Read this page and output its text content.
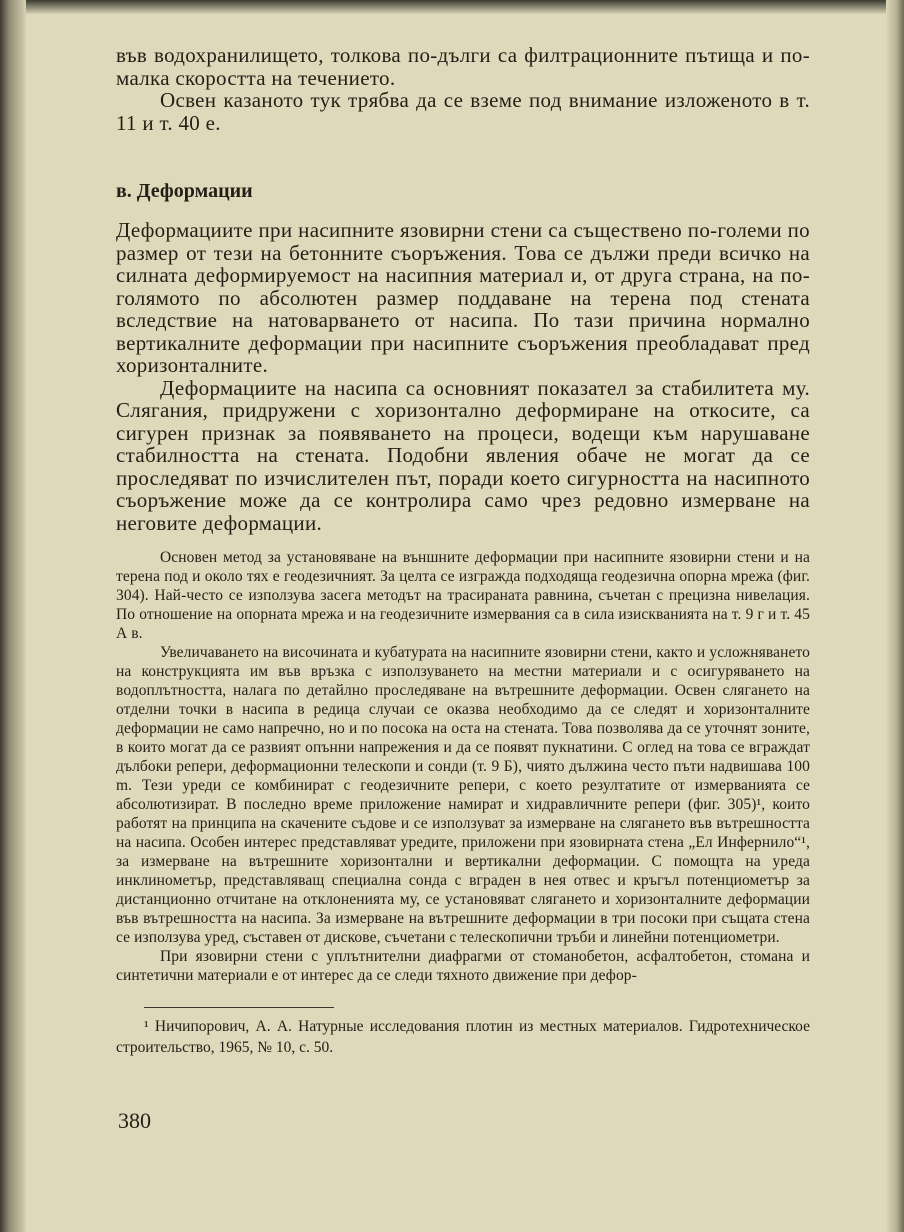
във водохранилището, толкова по-дълги са филтрационните пътища и по-малка скоростта на течението.

Освен казаното тук трябва да се вземе под внимание изложеното в т. 11 и т. 40 е.

в. Деформации

Деформациите при насипните язовирни стени са съществено по-големи по размер от тези на бетонните съоръжения. Това се дължи преди всичко на силната деформируемост на насипния материал и, от друга страна, на по-голямото по абсолютен размер поддаване на терена под стената вследствие на натоварването от насипа. По тази причина нормално вертикалните деформации при насипните съоръжения преобладават пред хоризонталните.

Деформациите на насипа са основният показател за стабилитета му. Слягания, придружени с хоризонтално деформиране на откосите, са сигурен признак за появяването на процеси, водещи към нарушаване стабилността на стената. Подобни явления обаче не могат да се проследяват по изчислителен път, поради което сигурността на насипното съоръжение може да се контролира само чрез редовно измерване на неговите деформации.

Основен метод за установяване на външните деформации при насипните язовирни стени и на терена под и около тях е геодезичният. За целта се изгражда подходяща геодезична опорна мрежа (фиг. 304). Най-често се използува засега методът на трасираната равнина, съчетан с прецизна нивелация. По отношение на опорната мрежа и на геодезичните измервания са в сила изискванията на т. 9 г и т. 45 А в.

Увеличаването на височината и кубатурата на насипните язовирни стени, както и усложняването на конструкцията им във връзка с използуването на местни материали и с осигуряването на водоплътността, налага по детайлно проследяване на вътрешните деформации. Освен слягането на отделни точки в насипа в редица случаи се оказва необходимо да се следят и хоризонталните деформации не само напречно, но и по посока на оста на стената. Това позволява да се уточнят зоните, в които могат да се развият опънни напрежения и да се появят пукнатини. С оглед на това се вграждат дълбоки репери, деформационни телескопи и сонди (т. 9 Б), чиято дължина често пъти надвишава 100 m. Тези уреди се комбинират с геодезичните репери, с което резултатите от измерванията се абсолютизират. В последно време приложение намират и хидравличните репери (фиг. 305)¹, които работят на принципа на скачените съдове и се използуват за измерване на слягането във вътрешността на насипа. Особен интерес представляват уредите, приложени при язовирната стена „Ел Инфернило“¹, за измерване на вътрешните хоризонтални и вертикални деформации. С помощта на уреда инклинометър, представляващ специална сонда с вграден в нея отвес и кръгъл потенциометър за дистанционно отчитане на отклоненията му, се установяват слягането и хоризонталните деформации във вътрешността на насипа. За измерване на вътрешните деформации в три посоки при същата стена се използува уред, съставен от дискове, съчетани с телескопични тръби и линейни потенциометри.

При язовирни стени с уплътнителни диафрагми от стоманобетон, асфалтобетон, стомана и синтетични материали е от интерес да се следи тяхното движение при дефор-

¹ Ничипорович, А. А. Натурные исследования плотин из местных материалов. Гидротехническое строительство, 1965, № 10, с. 50.

380
